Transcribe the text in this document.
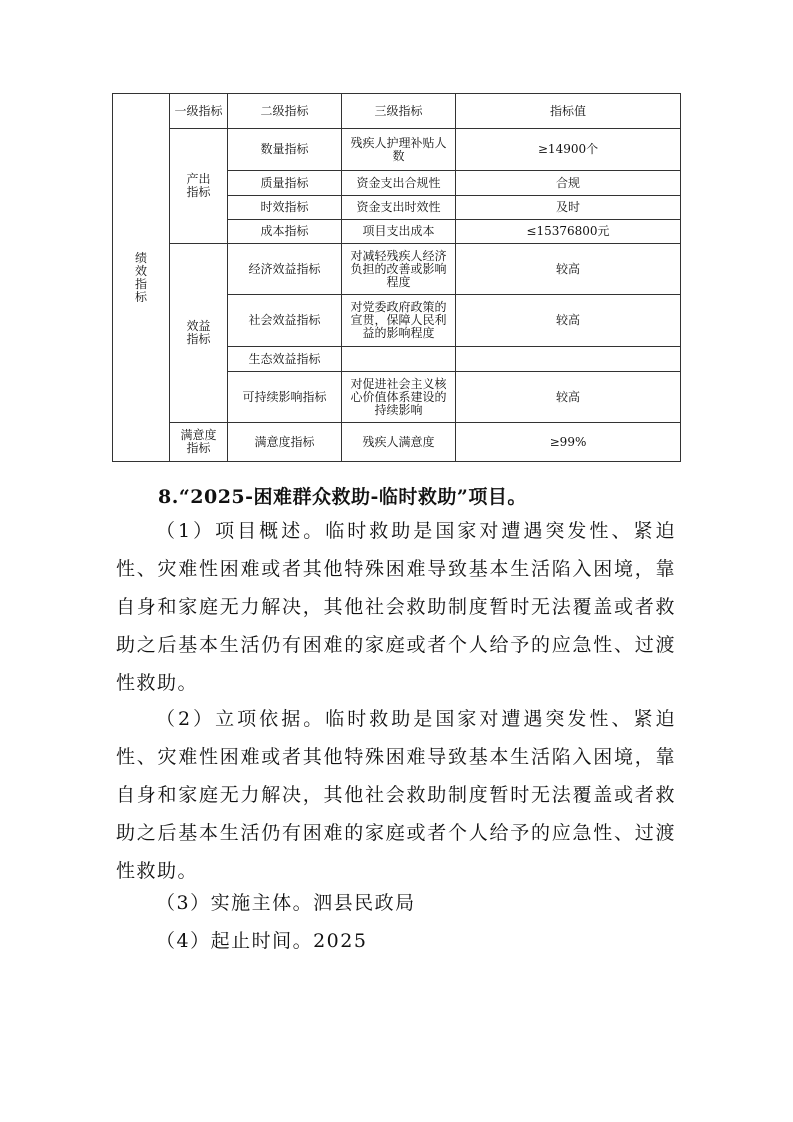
绩效指标	一级指标	二级指标	三级指标	指标值

	产出指标	数量指标	残疾人护理补贴人数	≥14900个
		质量指标	资金支出合规性	合规
		时效指标	资金支出时效性	及时
		成本指标	项目支出成本	≤15376800元

	效益指标	经济效益指标	对减轻残疾人经济负担的改善或影响程度	较高
		社会效益指标	对党委政府政策的宣贯，保障人民利益的影响程度	较高
		生态效益指标		
		可持续影响指标	对促进社会主义核心价值体系建设的持续影响	较高

	满意度指标	满意度指标	残疾人满意度	≥99%
8.“2025-困难群众救助-临时救助”项目。
（1）项目概述。临时救助是国家对遭遇突发性、紧迫性、灾难性困难或者其他特殊困难导致基本生活陷入困境，靠自身和家庭无力解决，其他社会救助制度暂时无法覆盖或者救助之后基本生活仍有困难的家庭或者个人给予的应急性、过渡性救助。
（2）立项依据。临时救助是国家对遭遇突发性、紧迫性、灾难性困难或者其他特殊困难导致基本生活陷入困境，靠自身和家庭无力解决，其他社会救助制度暂时无法覆盖或者救助之后基本生活仍有困难的家庭或者个人给予的应急性、过渡性救助。
（3）实施主体。泗县民政局
（4）起止时间。2025
